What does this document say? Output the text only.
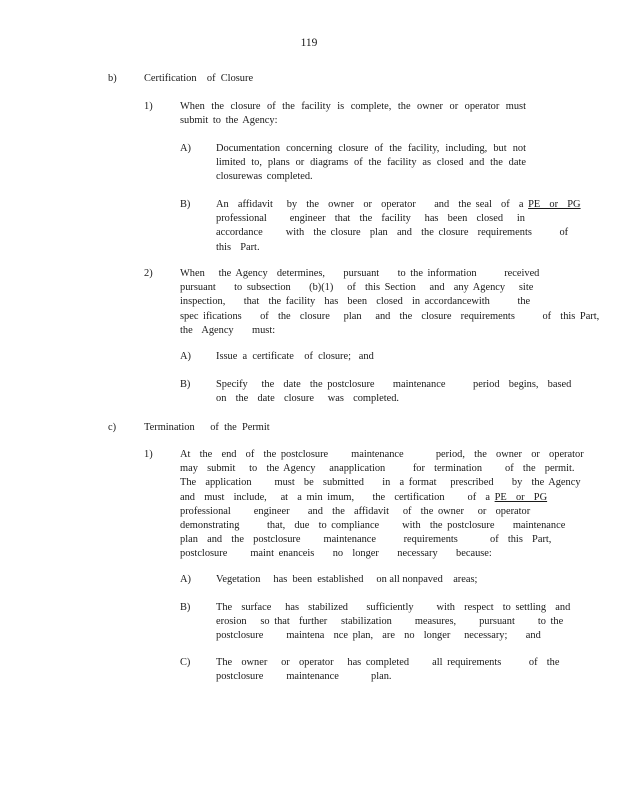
119
b)	Certification    of  Closure
1)	When the closure of the facility is complete, the owner or operator must submit to the Agency:
A) Documentation concerning closure of the facility, including, but not limited to, plans or diagrams of the facility as closed and the date closurewas completed.
B) An  affidavit   by  the  owner  or  operator    and  the seal  of  a PE  or  PG
professional     engineer  that  the  facility   has  been  closed   in
accordance     with  the closure  plan  and  the closure  requirements      of
this  Part.
2)	When   the Agency  determines,    pursuant    to the information      received
pursuant    to subsection    (b)(1)   of  this Section   and  any Agency   site
inspection,    that  the facility  has  been  closed  in accordancewith      the
spec ifications    of  the  closure   plan   and  the  closure  requirements      of  this Part,
the  Agency    must:
A) Issue  a  certificate    of  closure;   and
B) Specify   the  date  the postclosure    maintenance      period  begins,  based
on  the  date  closure   was  completed.
c)	Termination      of  the  Permit
1)	At  the  end  of  the postclosure     maintenance       period,  the  owner  or  operator
may  submit   to  the Agency   anapplication      for  termination     of  the  permit.
The  application     must  be  submitted    in  a format   prescribed    by  the Agency
and  must  include,   at  a min imum,    the  certification     of  a PE  or  PG
professional     engineer    and  the  affidavit   of  the owner   or  operator
demonstrating      that,  due  to compliance     with  the postclosure    maintenance
plan  and  the  postclosure     maintenance      requirements       of  this  Part,
postclosure     maint enanceis    no  longer    necessary    because:
A) Vegetation     has  been  established     on all nonpaved    areas;
B) The  surface   has  stabilized    sufficiently     with  respect  to settling  and
erosion   so that  further   stabilization     measures,     pursuant     to the
postclosure     maintena  nce plan,  are  no  longer   necessary;    and
C) The  owner   or  operator   has completed     all requirements      of  the
postclosure     maintenance       plan.
